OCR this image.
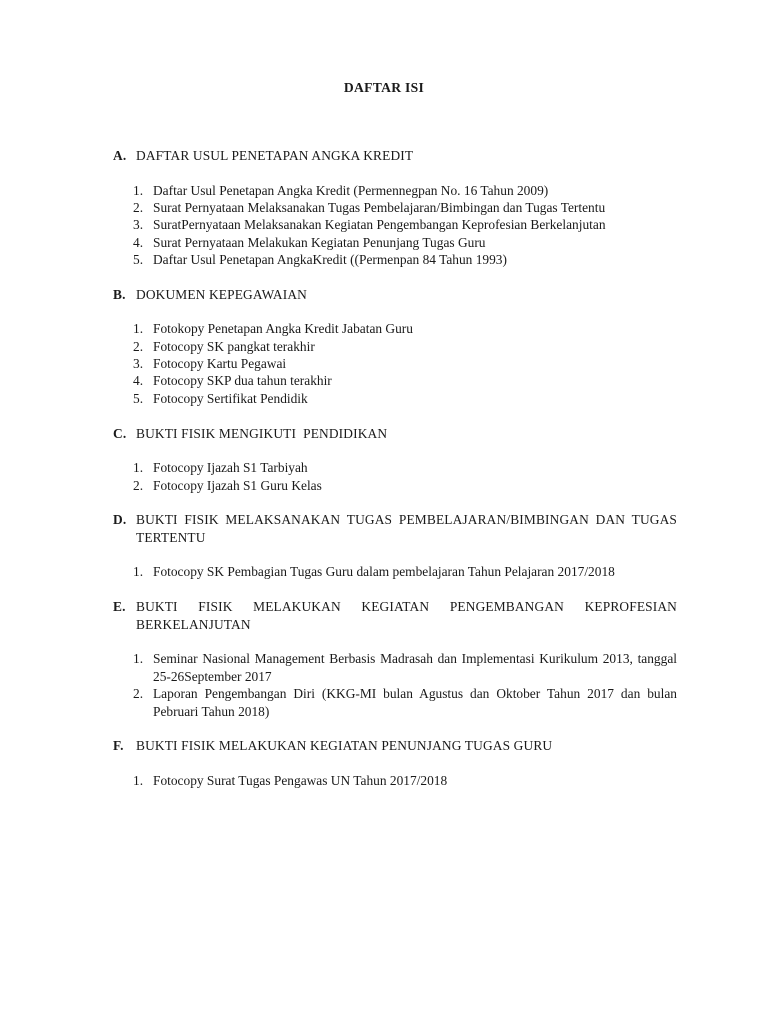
DAFTAR ISI
A. DAFTAR USUL PENETAPAN ANGKA KREDIT
1. Daftar Usul Penetapan Angka Kredit (Permennegpan No. 16 Tahun 2009)
2. Surat Pernyataan Melaksanakan Tugas Pembelajaran/Bimbingan dan Tugas Tertentu
3. SuratPernyataan Melaksanakan Kegiatan Pengembangan Keprofesian Berkelanjutan
4. Surat Pernyataan Melakukan Kegiatan Penunjang Tugas Guru
5. Daftar Usul Penetapan AngkaKredit ((Permenpan 84 Tahun 1993)
B. DOKUMEN KEPEGAWAIAN
1. Fotokopy Penetapan Angka Kredit Jabatan Guru
2. Fotocopy SK pangkat terakhir
3. Fotocopy Kartu Pegawai
4. Fotocopy SKP dua tahun terakhir
5. Fotocopy Sertifikat Pendidik
C. BUKTI FISIK MENGIKUTI  PENDIDIKAN
1. Fotocopy Ijazah S1 Tarbiyah
2. Fotocopy Ijazah S1 Guru Kelas
D. BUKTI FISIK MELAKSANAKAN TUGAS PEMBELAJARAN/BIMBINGAN DAN TUGAS TERTENTU
1. Fotocopy SK Pembagian Tugas Guru dalam pembelajaran Tahun Pelajaran 2017/2018
E. BUKTI FISIK MELAKUKAN KEGIATAN PENGEMBANGAN KEPROFESIAN BERKELANJUTAN
1. Seminar Nasional Management Berbasis Madrasah dan Implementasi Kurikulum 2013, tanggal 25-26September 2017
2. Laporan Pengembangan Diri (KKG-MI bulan Agustus dan Oktober Tahun 2017 dan bulan Pebruari Tahun 2018)
F. BUKTI FISIK MELAKUKAN KEGIATAN PENUNJANG TUGAS GURU
1. Fotocopy Surat Tugas Pengawas UN Tahun 2017/2018
